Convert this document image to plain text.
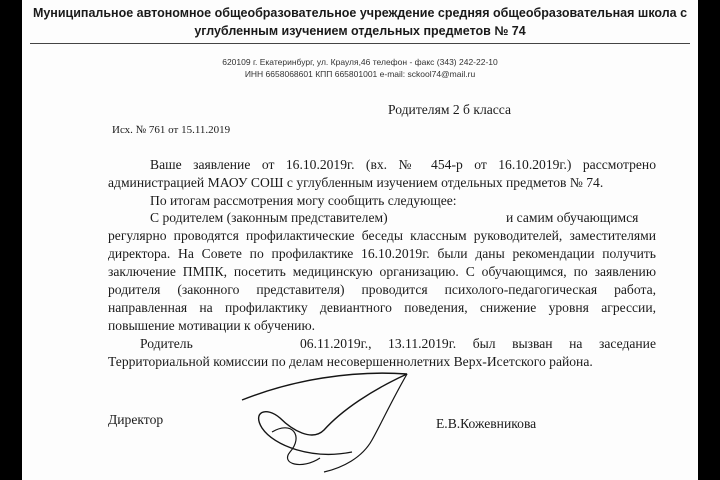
Муниципальное автономное общеобразовательное учреждение средняя общеобразовательная школа с
углубленным изучением отдельных предметов № 74
620109 г. Екатеринбург, ул. Крауля,46 телефон - факс (343) 242-22-10
ИНН 6658068601 КПП 665801001 e-mail: sckool74@mail.ru
Родителям 2 б класса
Исх. № 761 от 15.11.2019
Ваше заявление от 16.10.2019г. (вх. № 454-р от 16.10.2019г.) рассмотрено
администрацией МАОУ СОШ с углубленным изучением отдельных предметов № 74.
По итогам рассмотрения могу сообщить следующее:
С родителем (законным представителем)	и самим обучающимся
регулярно проводятся профилактические беседы классным руководителей, заместителями
директора. На Совете по профилактике 16.10.2019г. были даны рекомендации получить
заключение ПМПК, посетить медицинскую организацию. С обучающимся, по заявлению
родителя (законного представителя) проводится психолого-педагогическая работа,
направленная на профилактику девиантного поведения, снижение уровня агрессии,
повышение мотивации к обучению.
Родитель	06.11.2019г., 13.11.2019г. был вызван на заседание
Территориальной комиссии по делам несовершеннолетних Верх-Исетского района.
Директор	Е.В.Кожевникова
